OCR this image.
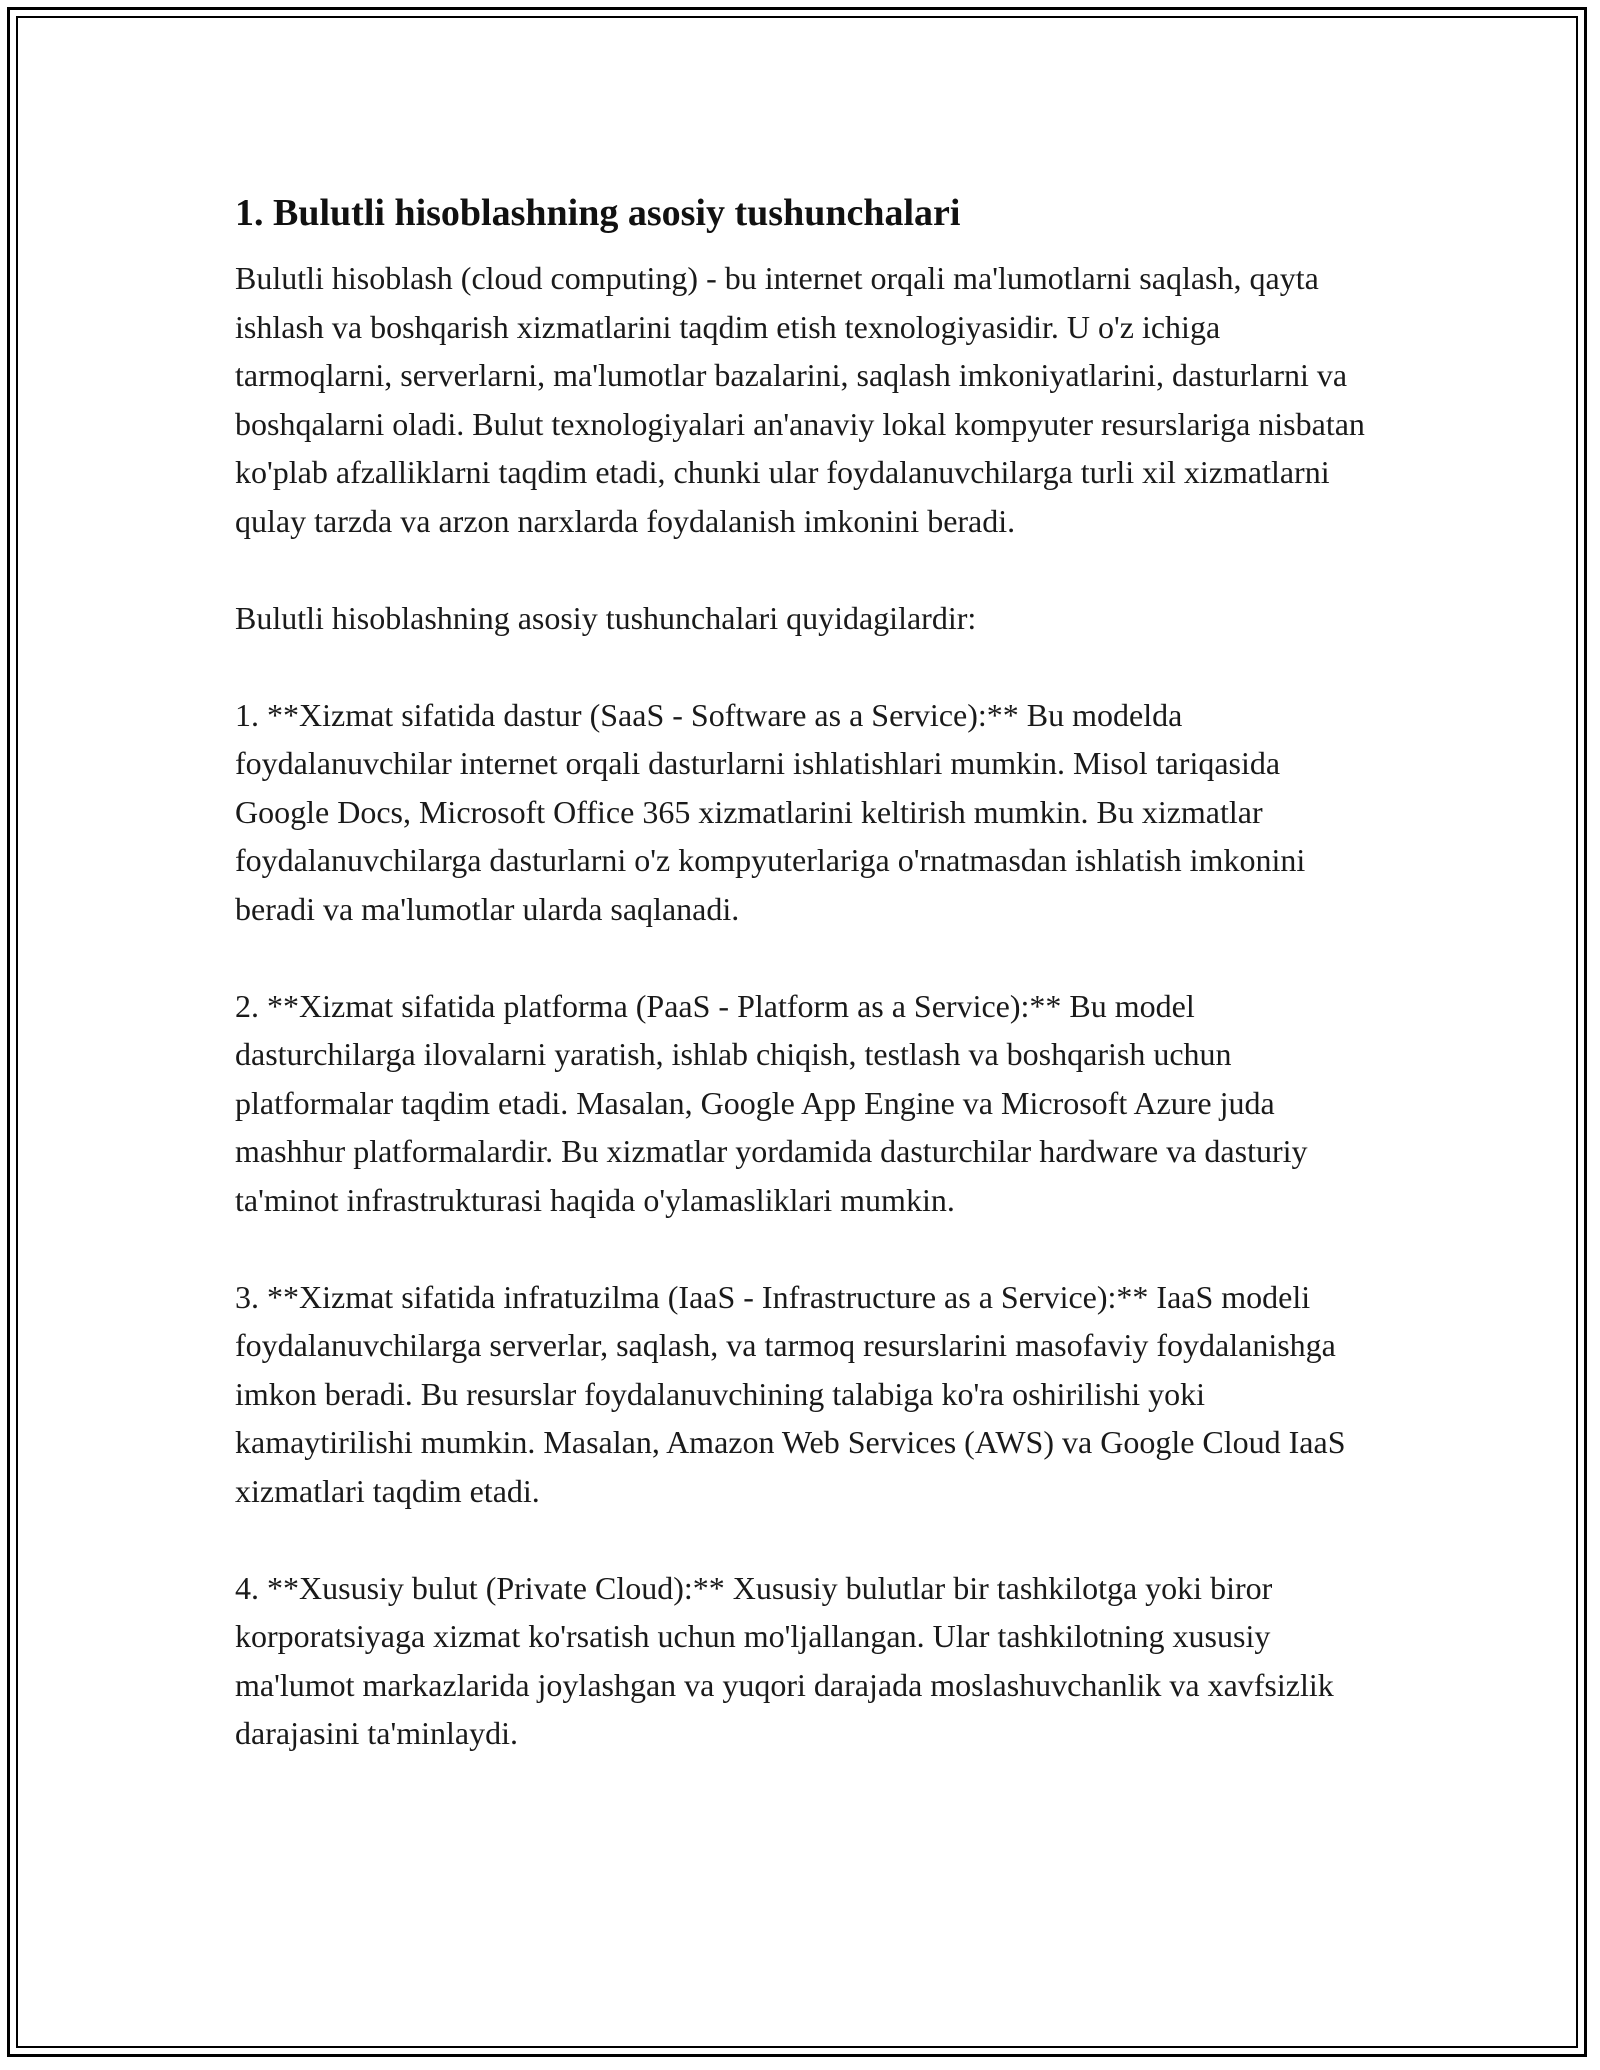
1. Bulutli hisoblashning asosiy tushunchalari

Bulutli hisoblash (cloud computing) - bu internet orqali ma'lumotlarni saqlash, qayta ishlash va boshqarish xizmatlarini taqdim etish texnologiyasidir. U o'z ichiga tarmoqlarni, serverlarni, ma'lumotlar bazalarini, saqlash imkoniyatlarini, dasturlarni va boshqalarni oladi. Bulut texnologiyalari an'anaviy lokal kompyuter resurslariga nisbatan ko'plab afzalliklarni taqdim etadi, chunki ular foydalanuvchilarga turli xil xizmatlarni qulay tarzda va arzon narxlarda foydalanish imkonini beradi.

Bulutli hisoblashning asosiy tushunchalari quyidagilardir:

1. **Xizmat sifatida dastur (SaaS - Software as a Service):** Bu modelda foydalanuvchilar internet orqali dasturlarni ishlatishlari mumkin. Misol tariqasida Google Docs, Microsoft Office 365 xizmatlarini keltirish mumkin. Bu xizmatlar foydalanuvchilarga dasturlarni o'z kompyuterlariga o'rnatmasdan ishlatish imkonini beradi va ma'lumotlar ularda saqlanadi.

2. **Xizmat sifatida platforma (PaaS - Platform as a Service):** Bu model dasturchilarga ilovalarni yaratish, ishlab chiqish, testlash va boshqarish uchun platformalar taqdim etadi. Masalan, Google App Engine va Microsoft Azure juda mashhur platformalardir. Bu xizmatlar yordamida dasturchilar hardware va dasturiy ta'minot infrastrukturasi haqida o'ylamasliklari mumkin.

3. **Xizmat sifatida infratuzilma (IaaS - Infrastructure as a Service):** IaaS modeli foydalanuvchilarga serverlar, saqlash, va tarmoq resurslarini masofaviy foydalanishga imkon beradi. Bu resurslar foydalanuvchining talabiga ko'ra oshirilishi yoki kamaytirilishi mumkin. Masalan, Amazon Web Services (AWS) va Google Cloud IaaS xizmatlari taqdim etadi.

4. **Xususiy bulut (Private Cloud):** Xususiy bulutlar bir tashkilotga yoki biror korporatsiyaga xizmat ko'rsatish uchun mo'ljallangan. Ular tashkilotning xususiy ma'lumot markazlarida joylashgan va yuqori darajada moslashuvchanlik va xavfsizlik darajasini ta'minlaydi.
